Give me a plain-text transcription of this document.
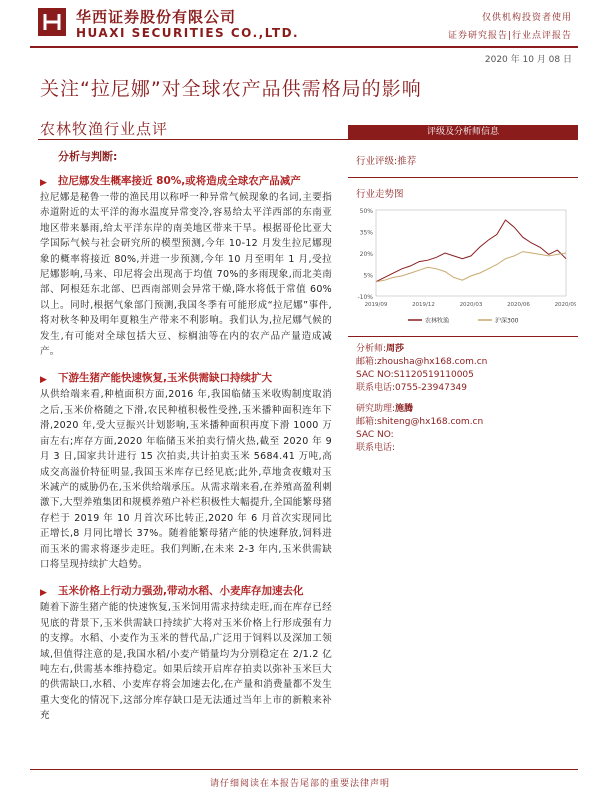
华西证券股份有限公司
HUAXI SECURITIES CO.,LTD.
仅供机构投资者使用
证券研究报告|行业点评报告
2020 年 10 月 08 日
关注“拉尼娜”对全球农产品供需格局的影响
农林牧渔行业点评
分析与判断:
▶ 拉尼娜发生概率接近 80%,或将造成全球农产品减产
拉尼娜是秘鲁一带的渔民用以称呼一种异常气候现象的名词,主要指赤道附近的太平洋的海水温度异常变冷,容易给太平洋西部的东南亚地区带来暴雨,给太平洋东岸的南美地区带来干旱。根据哥伦比亚大学国际气候与社会研究所的模型预测,今年 10-12 月发生拉尼娜现象的概率将接近 80%,并进一步预测,今年 10 月至明年 1 月,受拉尼娜影响,马来、印尼将会出现高于均值 70%的多雨现象,而北美南部、阿根廷东北部、巴西南部则会异常干燥,降水将低于常值 60%以上。同时,根据气象部门预测,我国冬季有可能形成“拉尼娜”事件,将对秋冬种及明年夏粮生产带来不利影响。我们认为,拉尼娜气候的发生,有可能对全球包括大豆、棕榈油等在内的农产品产量造成减产。
▶ 下游生猪产能快速恢复,玉米供需缺口持续扩大
从供给端来看,种植面积方面,2016 年,我国临储玉米收购制度取消之后,玉米价格随之下滑,农民种植积极性受挫,玉米播种面积连年下滑,2020 年,受大豆振兴计划影响,玉米播种面积再度下滑 1000 万亩左右;库存方面,2020 年临储玉米拍卖行情火热,截至 2020 年 9 月 3 日,国家共计进行 15 次拍卖,共计拍卖玉米 5684.41 万吨,高成交高溢价特征明显,我国玉米库存已经见底;此外,草地贪夜蛾对玉米减产的威胁仍在,玉米供给端承压。从需求端来看,在养殖高盈利刺激下,大型养殖集团和规模养殖户补栏积极性大幅提升,全国能繁母猪存栏于 2019 年 10 月首次环比转正,2020 年 6 月首次实现同比正增长,8 月同比增长 37%。随着能繁母猪产能的快速释放,饲料进而玉米的需求将逐步走旺。我们判断,在未来 2-3 年内,玉米供需缺口将呈现持续扩大趋势。
▶ 玉米价格上行动力强劲,带动水稻、小麦库存加速去化
随着下游生猪产能的快速恢复,玉米饲用需求持续走旺,而在库存已经见底的背景下,玉米供需缺口持续扩大将对玉米价格上行形成强有力的支撑。水稻、小麦作为玉米的替代品,广泛用于饲料以及深加工领域,但值得注意的是,我国水稻/小麦产销量均为分别稳定在 2/1.2 亿吨左右,供需基本维持稳定。如果后续开启库存拍卖以弥补玉米巨大的供需缺口,水稻、小麦库存将会加速去化,在产量和消费量都不发生重大变化的情况下,这部分库存缺口是无法通过当年上市的新粮来补充
评级及分析师信息
行业评级:推荐
行业走势图
50%
35%
20%
5%
-10%
2019/09	2019/12	2020/03	2020/06	2020/09
农林牧渔	沪深300
分析师:周莎
邮箱:zhousha@hx168.com.cn
SAC NO:S1120519110005
联系电话:0755-23947349
研究助理:施腾
邮箱:shiteng@hx168.com.cn
SAC NO:
联系电话:
请仔细阅读在本报告尾部的重要法律声明
